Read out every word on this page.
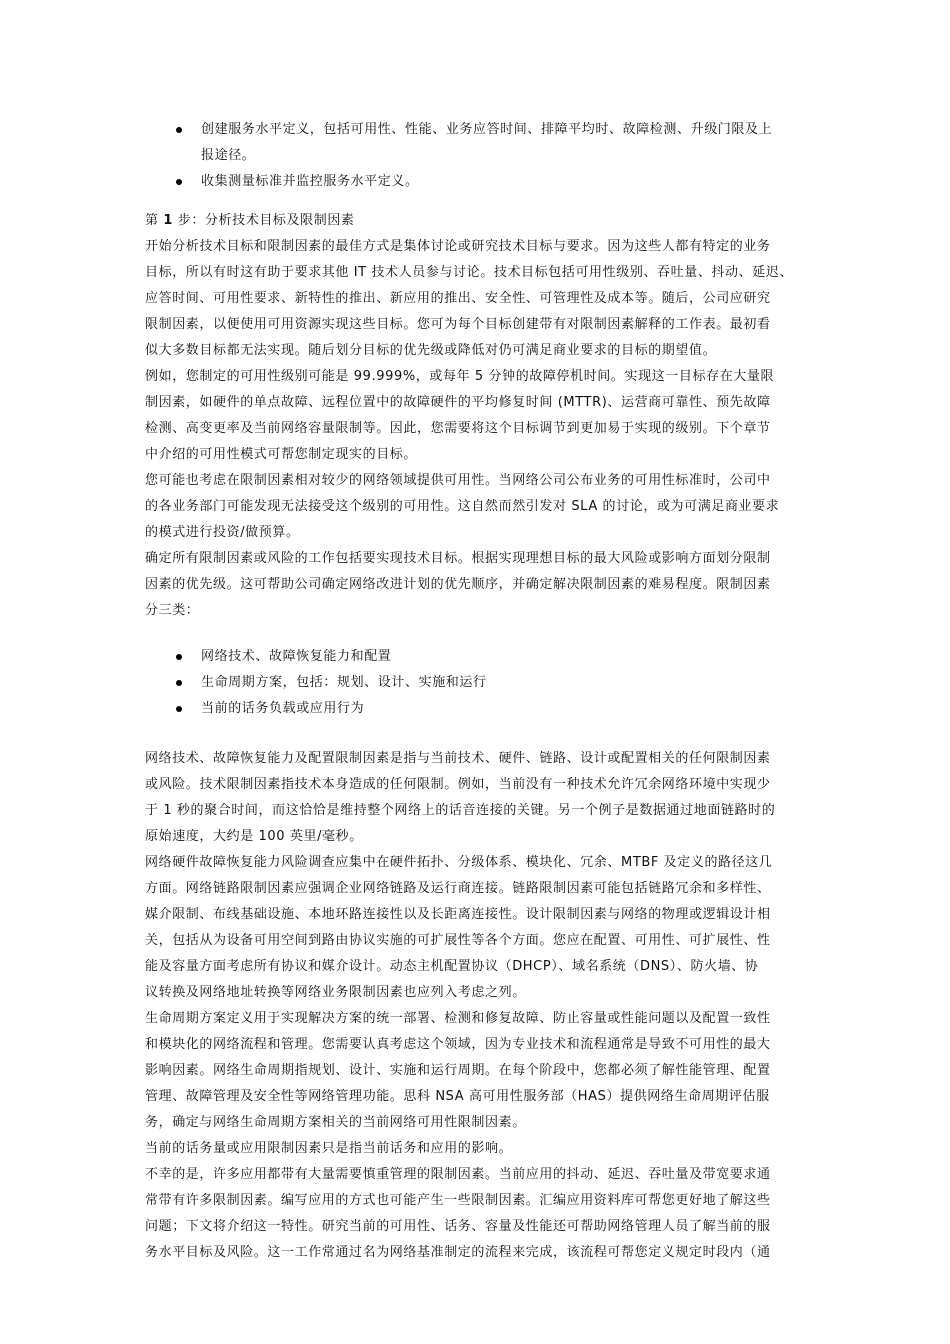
创建服务水平定义，包括可用性、性能、业务应答时间、排障平均时、故障检测、升级门限及上
报途径。
收集测量标准并监控服务水平定义。
第 1 步：分析技术目标及限制因素
开始分析技术目标和限制因素的最佳方式是集体讨论或研究技术目标与要求。因为这些人都有特定的业务
目标，所以有时这有助于要求其他 IT 技术人员参与讨论。技术目标包括可用性级别、吞吐量、抖动、延迟、
应答时间、可用性要求、新特性的推出、新应用的推出、安全性、可管理性及成本等。随后，公司应研究
限制因素，以便使用可用资源实现这些目标。您可为每个目标创建带有对限制因素解释的工作表。最初看
似大多数目标都无法实现。随后划分目标的优先级或降低对仍可满足商业要求的目标的期望值。
例如，您制定的可用性级别可能是 99.999%，或每年 5 分钟的故障停机时间。实现这一目标存在大量限
制因素，如硬件的单点故障、远程位置中的故障硬件的平均修复时间 (MTTR)、运营商可靠性、预先故障
检测、高变更率及当前网络容量限制等。因此，您需要将这个目标调节到更加易于实现的级别。下个章节
中介绍的可用性模式可帮您制定现实的目标。
您可能也考虑在限制因素相对较少的网络领域提供可用性。当网络公司公布业务的可用性标准时，公司中
的各业务部门可能发现无法接受这个级别的可用性。这自然而然引发对 SLA 的讨论，或为可满足商业要求
的模式进行投资/做预算。
确定所有限制因素或风险的工作包括要实现技术目标。根据实现理想目标的最大风险或影响方面划分限制
因素的优先级。这可帮助公司确定网络改进计划的优先顺序，并确定解决限制因素的难易程度。限制因素
分三类：
网络技术、故障恢复能力和配置
生命周期方案，包括：规划、设计、实施和运行
当前的话务负载或应用行为
网络技术、故障恢复能力及配置限制因素是指与当前技术、硬件、链路、设计或配置相关的任何限制因素
或风险。技术限制因素指技术本身造成的任何限制。例如，当前没有一种技术允许冗余网络环境中实现少
于 1 秒的聚合时间，而这恰恰是维持整个网络上的话音连接的关键。另一个例子是数据通过地面链路时的
原始速度，大约是 100 英里/毫秒。
网络硬件故障恢复能力风险调查应集中在硬件拓扑、分级体系、模块化、冗余、MTBF 及定义的路径这几
方面。网络链路限制因素应强调企业网络链路及运行商连接。链路限制因素可能包括链路冗余和多样性、
媒介限制、布线基础设施、本地环路连接性以及长距离连接性。设计限制因素与网络的物理或逻辑设计相
关，包括从为设备可用空间到路由协议实施的可扩展性等各个方面。您应在配置、可用性、可扩展性、性
能及容量方面考虑所有协议和媒介设计。动态主机配置协议（DHCP）、域名系统（DNS）、防火墙、协
议转换及网络地址转换等网络业务限制因素也应列入考虑之列。
生命周期方案定义用于实现解决方案的统一部署、检测和修复故障、防止容量或性能问题以及配置一致性
和模块化的网络流程和管理。您需要认真考虑这个领域，因为专业技术和流程通常是导致不可用性的最大
影响因素。网络生命周期指规划、设计、实施和运行周期。在每个阶段中，您都必须了解性能管理、配置
管理、故障管理及安全性等网络管理功能。思科 NSA 高可用性服务部（HAS）提供网络生命周期评估服
务，确定与网络生命周期方案相关的当前网络可用性限制因素。
当前的话务量或应用限制因素只是指当前话务和应用的影响。
不幸的是，许多应用都带有大量需要慎重管理的限制因素。当前应用的抖动、延迟、吞吐量及带宽要求通
常带有许多限制因素。编写应用的方式也可能产生一些限制因素。汇编应用资料库可帮您更好地了解这些
问题；下文将介绍这一特性。研究当前的可用性、话务、容量及性能还可帮助网络管理人员了解当前的服
务水平目标及风险。这一工作常通过名为网络基准制定的流程来完成，该流程可帮您定义规定时段内（通
